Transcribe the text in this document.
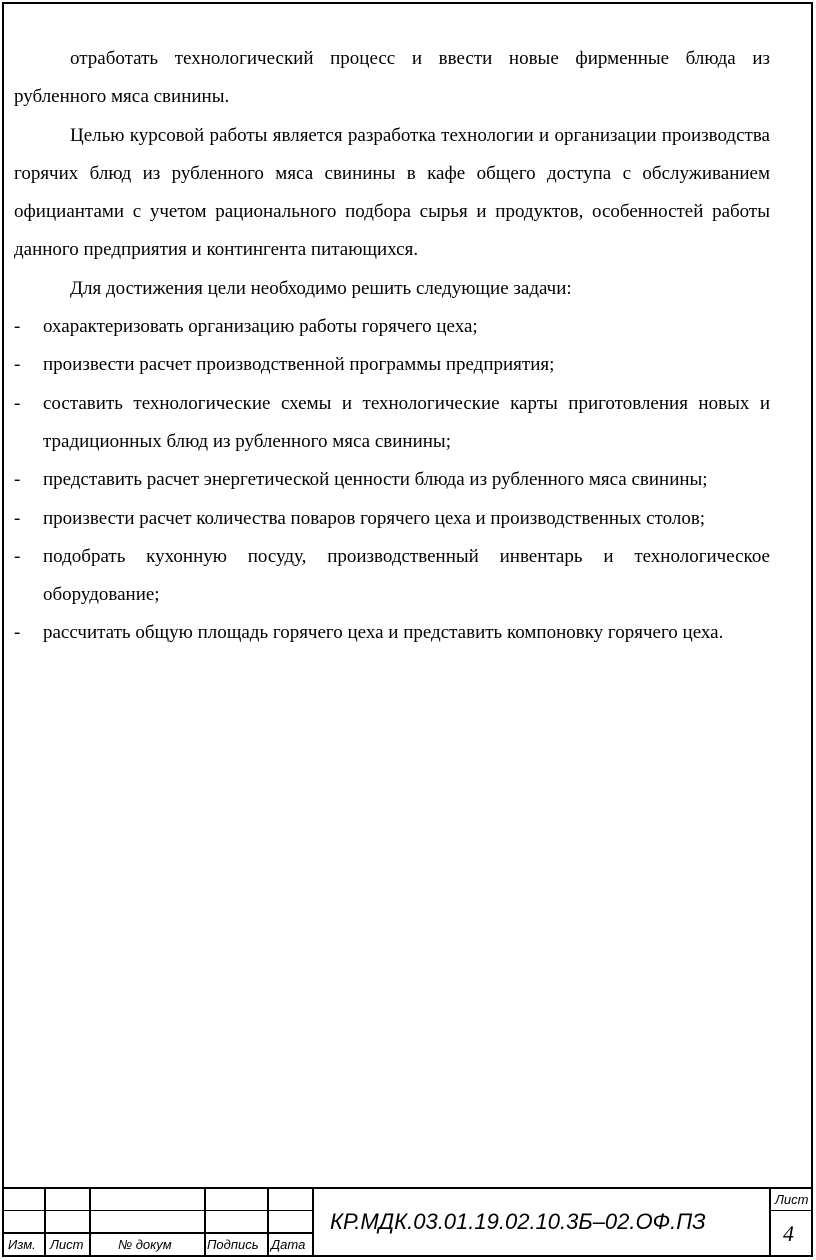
отработать технологический процесс и ввести новые фирменные блюда из рубленного мяса свинины.

Целью курсовой работы является разработка технологии и организации производства горячих блюд из рубленного мяса свинины в кафе общего доступа с обслуживанием официантами с учетом рационального подбора сырья и продуктов, особенностей работы данного предприятия и контингента питающихся.

Для достижения цели необходимо решить следующие задачи:

- охарактеризовать организацию работы горячего цеха;

- произвести расчет производственной программы предприятия;

- составить технологические схемы и технологические карты приготовления новых и традиционных блюд из рубленного мяса свинины;

- представить расчет энергетической ценности блюда из рубленного мяса свинины;

- произвести расчет количества поваров горячего цеха и производственных столов;

- подобрать кухонную посуду, производственный инвентарь и технологическое оборудование;

- рассчитать общую площадь горячего цеха и представить компоновку горячего цеха.

Изм. Лист	№ докум	Подпись Дата
КР.МДК.03.01.19.02.10.3Б–02.ОФ.ПЗ
Лист
4
